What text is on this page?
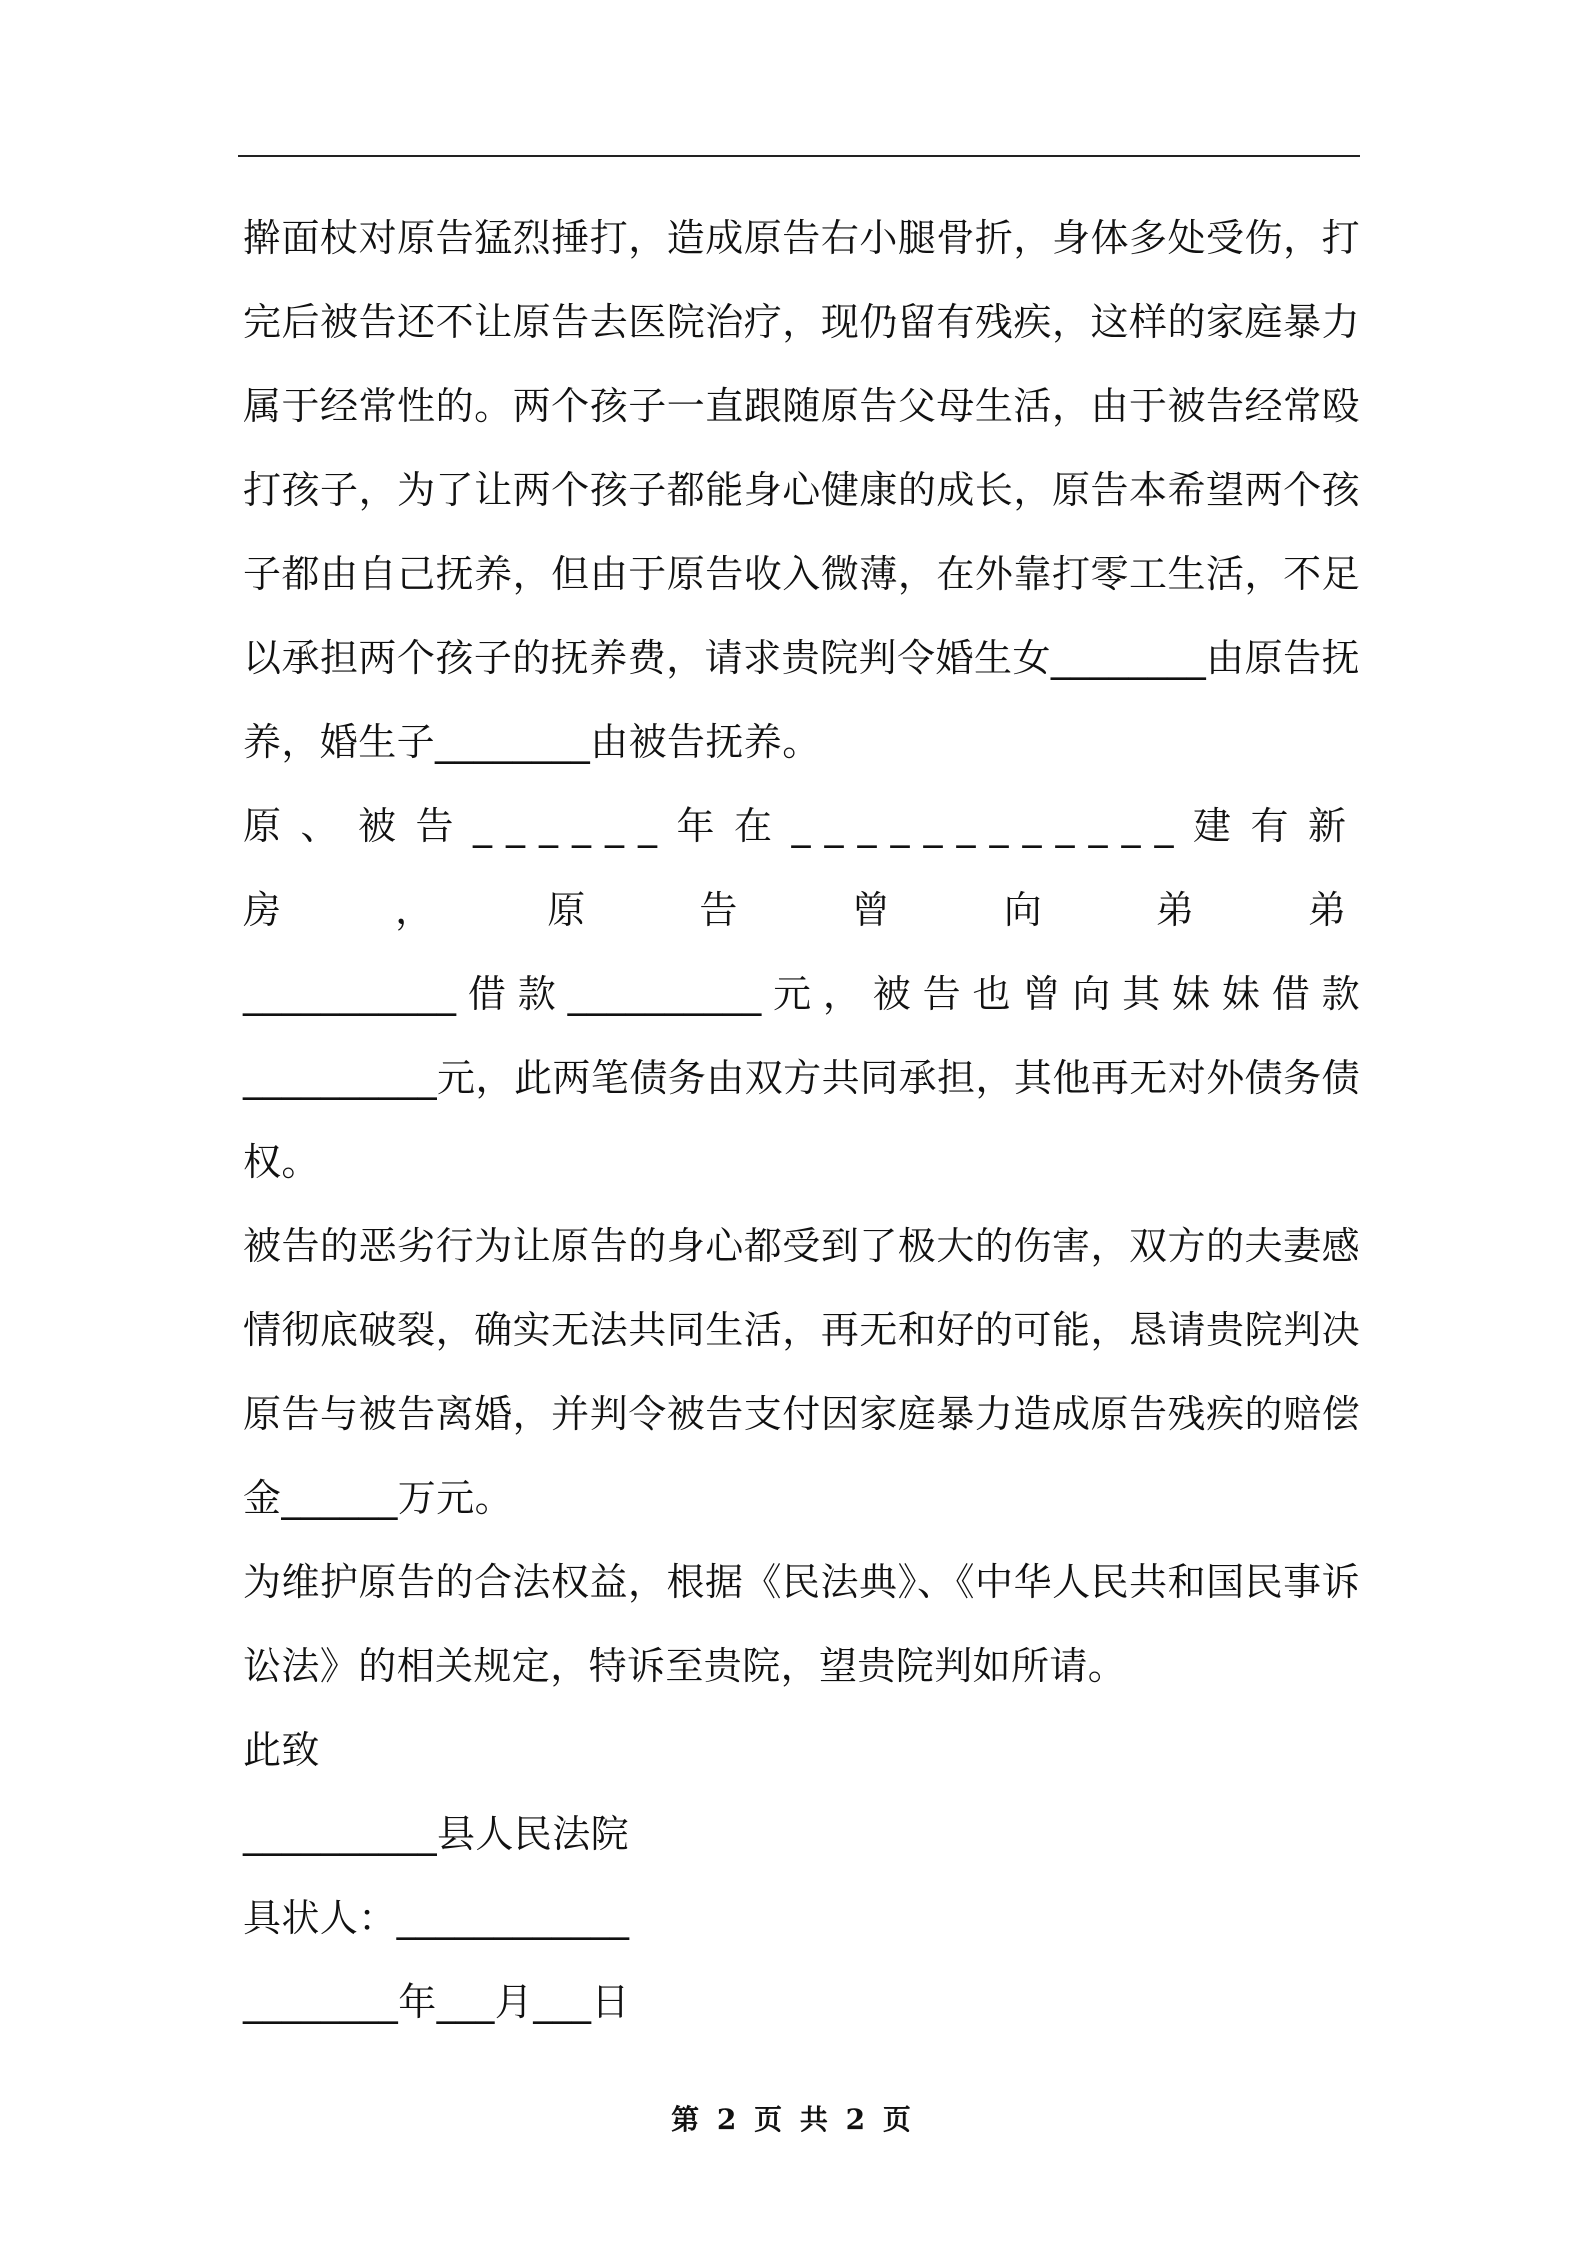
擀面杖对原告猛烈捶打，造成原告右小腿骨折，身体多处受伤，打完后被告还不让原告去医院治疗，现仍留有残疾，这样的家庭暴力属于经常性的。两个孩子一直跟随原告父母生活，由于被告经常殴打孩子，为了让两个孩子都能身心健康的成长，原告本希望两个孩子都由自己抚养，但由于原告收入微薄，在外靠打零工生活，不足以承担两个孩子的抚养费，请求贵院判令婚生女________由原告抚养，婚生子________由被告抚养。

原、被告______年在____________建有新房，原告曾向弟弟

___________借款__________元，被告也曾向其妹妹借款__________元，此两笔债务由双方共同承担，其他再无对外债务债权。

被告的恶劣行为让原告的身心都受到了极大的伤害，双方的夫妻感情彻底破裂，确实无法共同生活，再无和好的可能，恳请贵院判决原告与被告离婚，并判令被告支付因家庭暴力造成原告残疾的赔偿金______万元。

为维护原告的合法权益，根据《民法典》、《中华人民共和国民事诉讼法》的相关规定，特诉至贵院，望贵院判如所请。

此致

__________县人民法院

具状人：____________

________年___月___日

第 2 页 共 2 页
